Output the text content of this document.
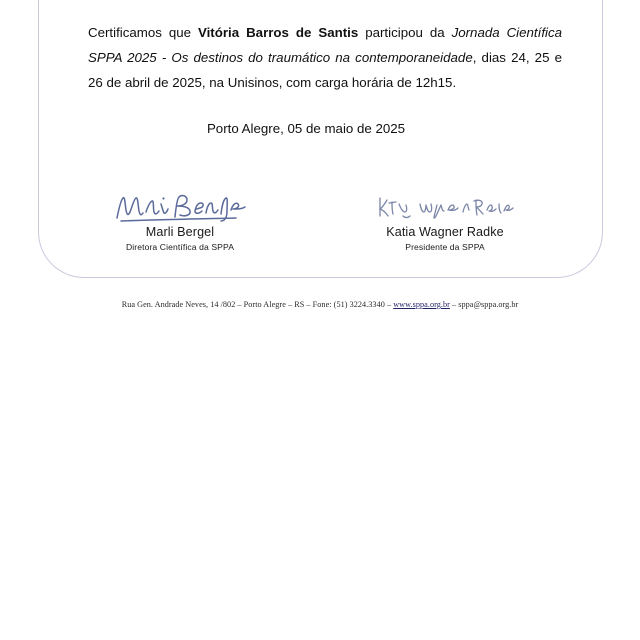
Certificamos que Vitória Barros de Santis participou da Jornada Científica SPPA 2025 - Os destinos do traumático na contemporaneidade, dias 24, 25 e 26 de abril de 2025, na Unisinos, com carga horária de 12h15.
Porto Alegre, 05 de maio de 2025
Marli Bergel
Diretora Científica da SPPA
Katia Wagner Radke
Presidente da SPPA
Rua Gen. Andrade Neves, 14 /802 – Porto Alegre – RS – Fone: (51) 3224.3340 – www.sppa.org.br – sppa@sppa.org.br
